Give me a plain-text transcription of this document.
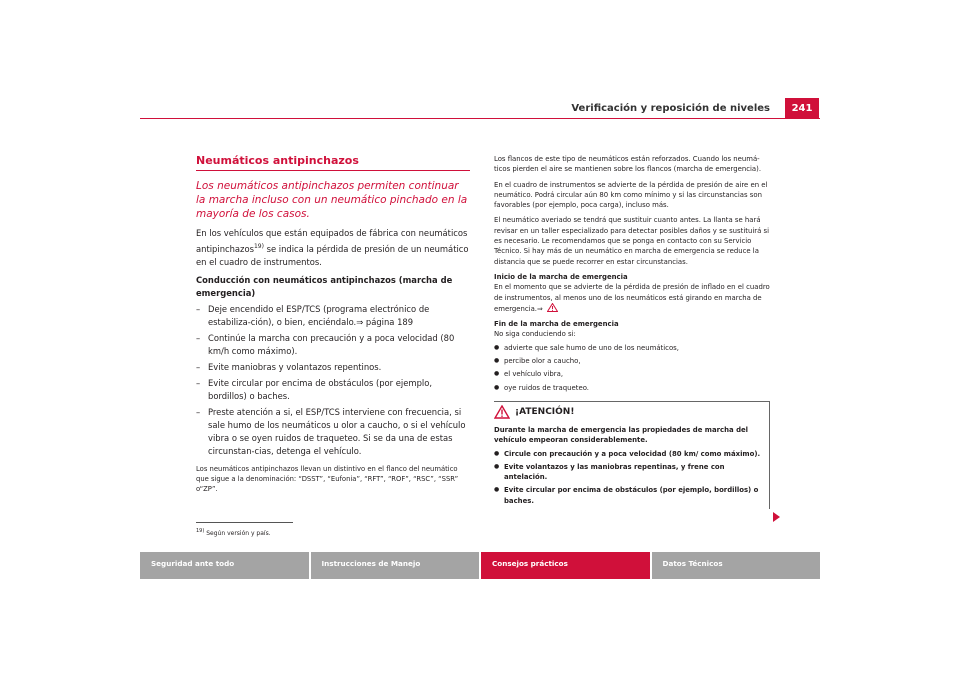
Verificación y reposición de niveles	241
Neumáticos antipinchazos
Los neumáticos antipinchazos permiten continuar la marcha incluso con un neumático pinchado en la mayoría de los casos.
En los vehículos que están equipados de fábrica con neumáticos antipinchazos$^{19)}$ se indica la pérdida de presión de un neumático en el cuadro de instrumentos.
Conducción con neumáticos antipinchazos (marcha de emergencia)
– Deje encendido el ESP/TCS (programa electrónico de estabiliza-ción), o bien, enciéndalo.⇒ página 189
– Continúe la marcha con precaución y a poca velocidad (80 km/h como máximo).
– Evite maniobras y volantazos repentinos.
– Evite circular por encima de obstáculos (por ejemplo, bordillos) o baches.
– Preste atención a si, el ESP/TCS interviene con frecuencia, si sale humo de los neumáticos u olor a caucho, o si el vehículo vibra o se oyen ruidos de traqueteo. Si se da una de estas circunstan-cias, detenga el vehículo.
Los neumáticos antipinchazos llevan un distintivo en el flanco del neumático que sigue a la denominación: “DSST”, “Eufonia”, “RFT”, “ROF”, “RSC”, “SSR” o“ZP”.
$^{19)}$ Según versión y país.
Los flancos de este tipo de neumáticos están reforzados. Cuando los neumá-ticos pierden el aire se mantienen sobre los flancos (marcha de emergencia).
En el cuadro de instrumentos se advierte de la pérdida de presión de aire en el neumático. Podrá circular aún 80 km como mínimo y si las circunstancias son favorables (por ejemplo, poca carga), incluso más.
El neumático averiado se tendrá que sustituir cuanto antes. La llanta se hará revisar en un taller especializado para detectar posibles daños y se sustituirá si es necesario. Le recomendamos que se ponga en contacto con su Servicio Técnico. Si hay más de un neumático en marcha de emergencia se reduce la distancia que se puede recorrer en estar circunstancias.
Inicio de la marcha de emergencia
En el momento que se advierte de la pérdida de presión de inflado en el cuadro de instrumentos, al menos uno de los neumáticos está girando en marcha de emergencia.⇒
Fin de la marcha de emergencia
No siga conduciendo si:
● advierte que sale humo de uno de los neumáticos,
● percibe olor a caucho,
● el vehículo vibra,
● oye ruidos de traqueteo.
¡ATENCIÓN!
Durante la marcha de emergencia las propiedades de marcha del vehículo empeoran considerablemente.
● Circule con precaución y a poca velocidad (80 km/ como máximo).
● Evite volantazos y las maniobras repentinas, y frene con antelación.
● Evite circular por encima de obstáculos (por ejemplo, bordillos) o baches.
Seguridad ante todo	Instrucciones de Manejo	Consejos prácticos	Datos Técnicos
